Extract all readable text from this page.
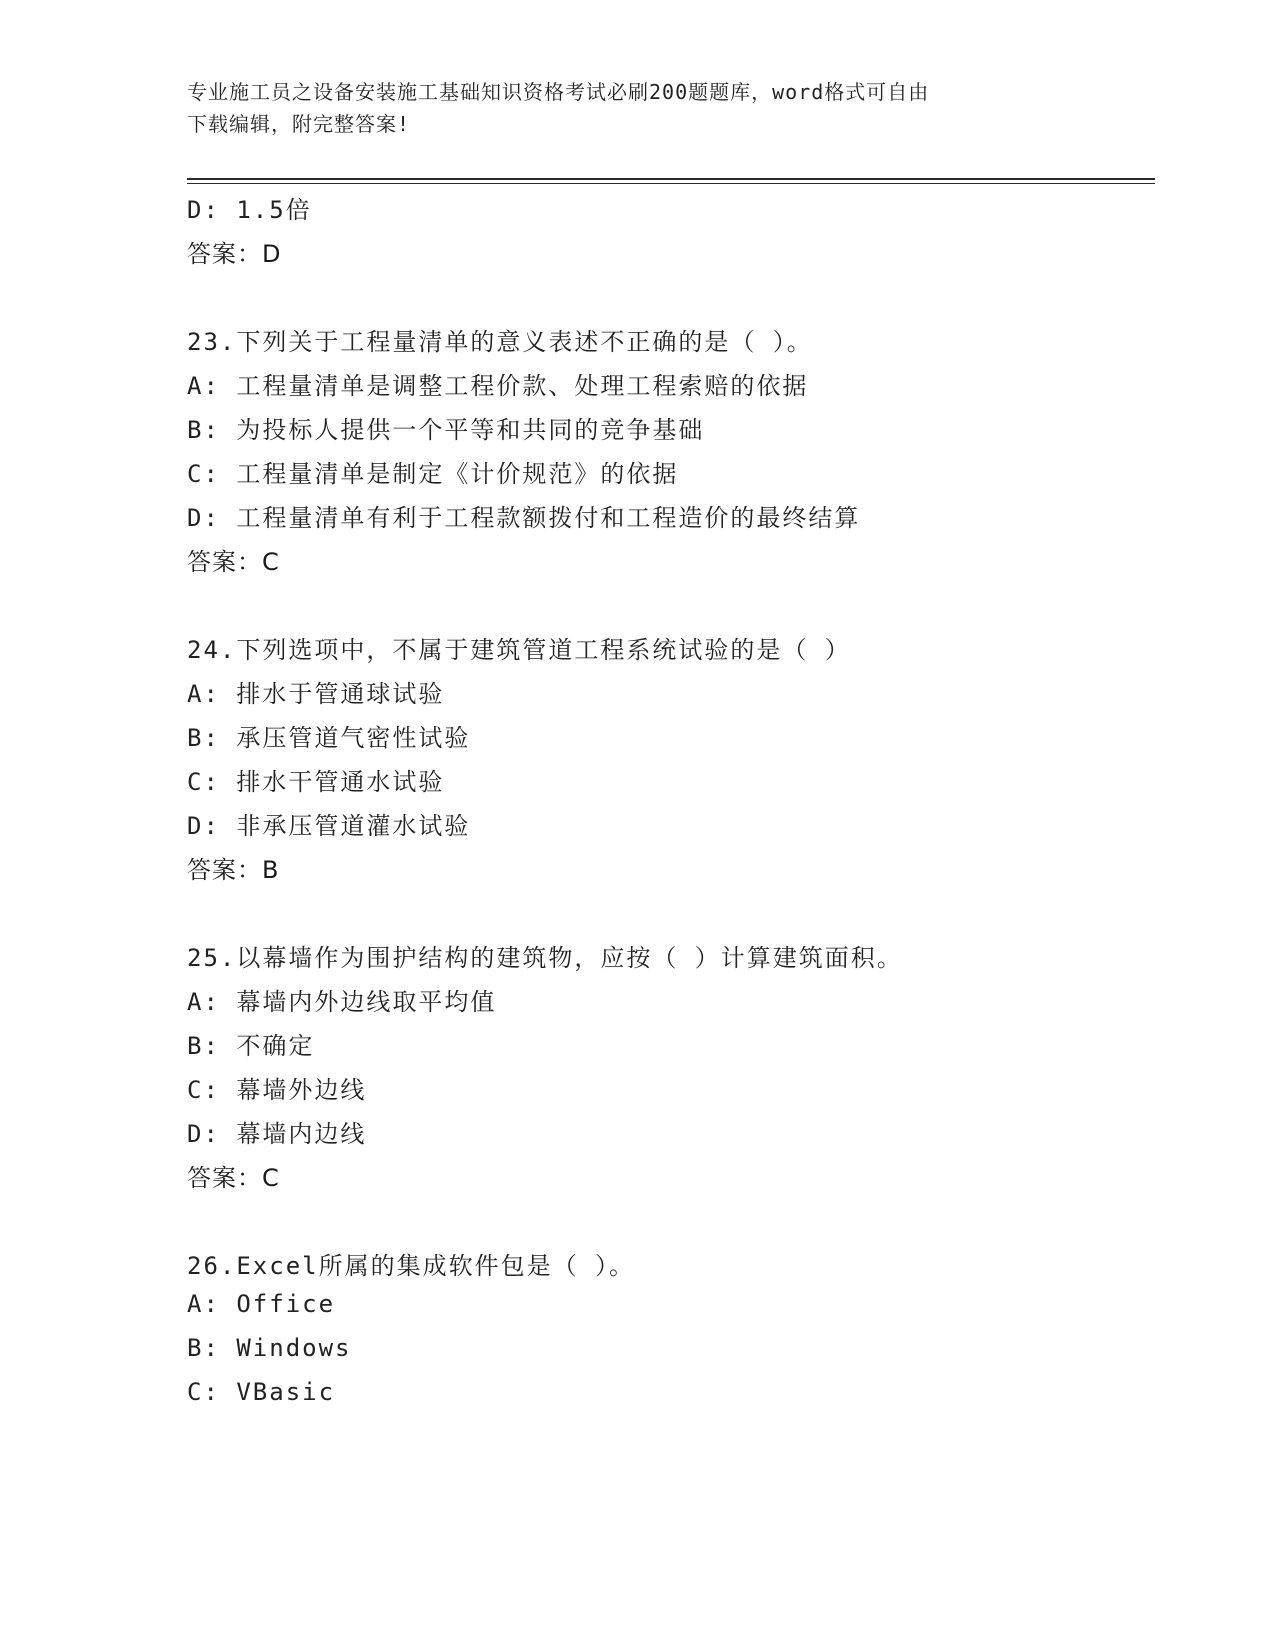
专业施工员之设备安装施工基础知识资格考试必刷200题题库，word格式可自由
下载编辑，附完整答案!
D: 1.5倍
答案：D
23.下列关于工程量清单的意义表述不正确的是（ ）。
A: 工程量清单是调整工程价款、处理工程索赔的依据
B: 为投标人提供一个平等和共同的竞争基础
C: 工程量清单是制定《计价规范》的依据
D: 工程量清单有利于工程款额拨付和工程造价的最终结算
答案：C
24.下列选项中，不属于建筑管道工程系统试验的是（ ）
A: 排水于管通球试验
B: 承压管道气密性试验
C: 排水干管通水试验
D: 非承压管道灌水试验
答案：B
25.以幕墙作为围护结构的建筑物，应按（ ）计算建筑面积。
A: 幕墙内外边线取平均值
B: 不确定
C: 幕墙外边线
D: 幕墙内边线
答案：C
26.Excel所属的集成软件包是（ ）。
A: Office
B: Windows
C: VBasic
